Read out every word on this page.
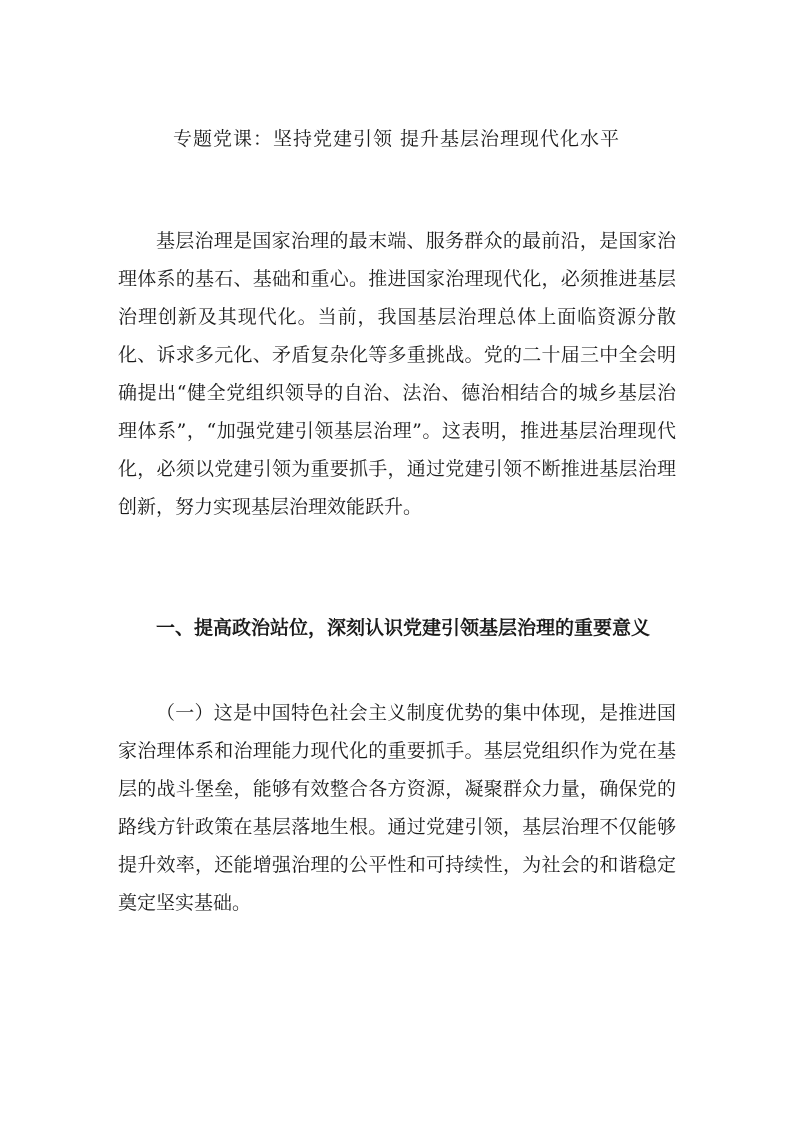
专题党课：坚持党建引领 提升基层治理现代化水平

基层治理是国家治理的最末端、服务群众的最前沿，是国家治理体系的基石、基础和重心。推进国家治理现代化，必须推进基层治理创新及其现代化。当前，我国基层治理总体上面临资源分散化、诉求多元化、矛盾复杂化等多重挑战。党的二十届三中全会明确提出“健全党组织领导的自治、法治、德治相结合的城乡基层治理体系”，“加强党建引领基层治理”。这表明，推进基层治理现代化，必须以党建引领为重要抓手，通过党建引领不断推进基层治理创新，努力实现基层治理效能跃升。

一、提高政治站位，深刻认识党建引领基层治理的重要意义

（一）这是中国特色社会主义制度优势的集中体现，是推进国家治理体系和治理能力现代化的重要抓手。基层党组织作为党在基层的战斗堡垒，能够有效整合各方资源，凝聚群众力量，确保党的路线方针政策在基层落地生根。通过党建引领，基层治理不仅能够提升效率，还能增强治理的公平性和可持续性，为社会的和谐稳定奠定坚实基础。
